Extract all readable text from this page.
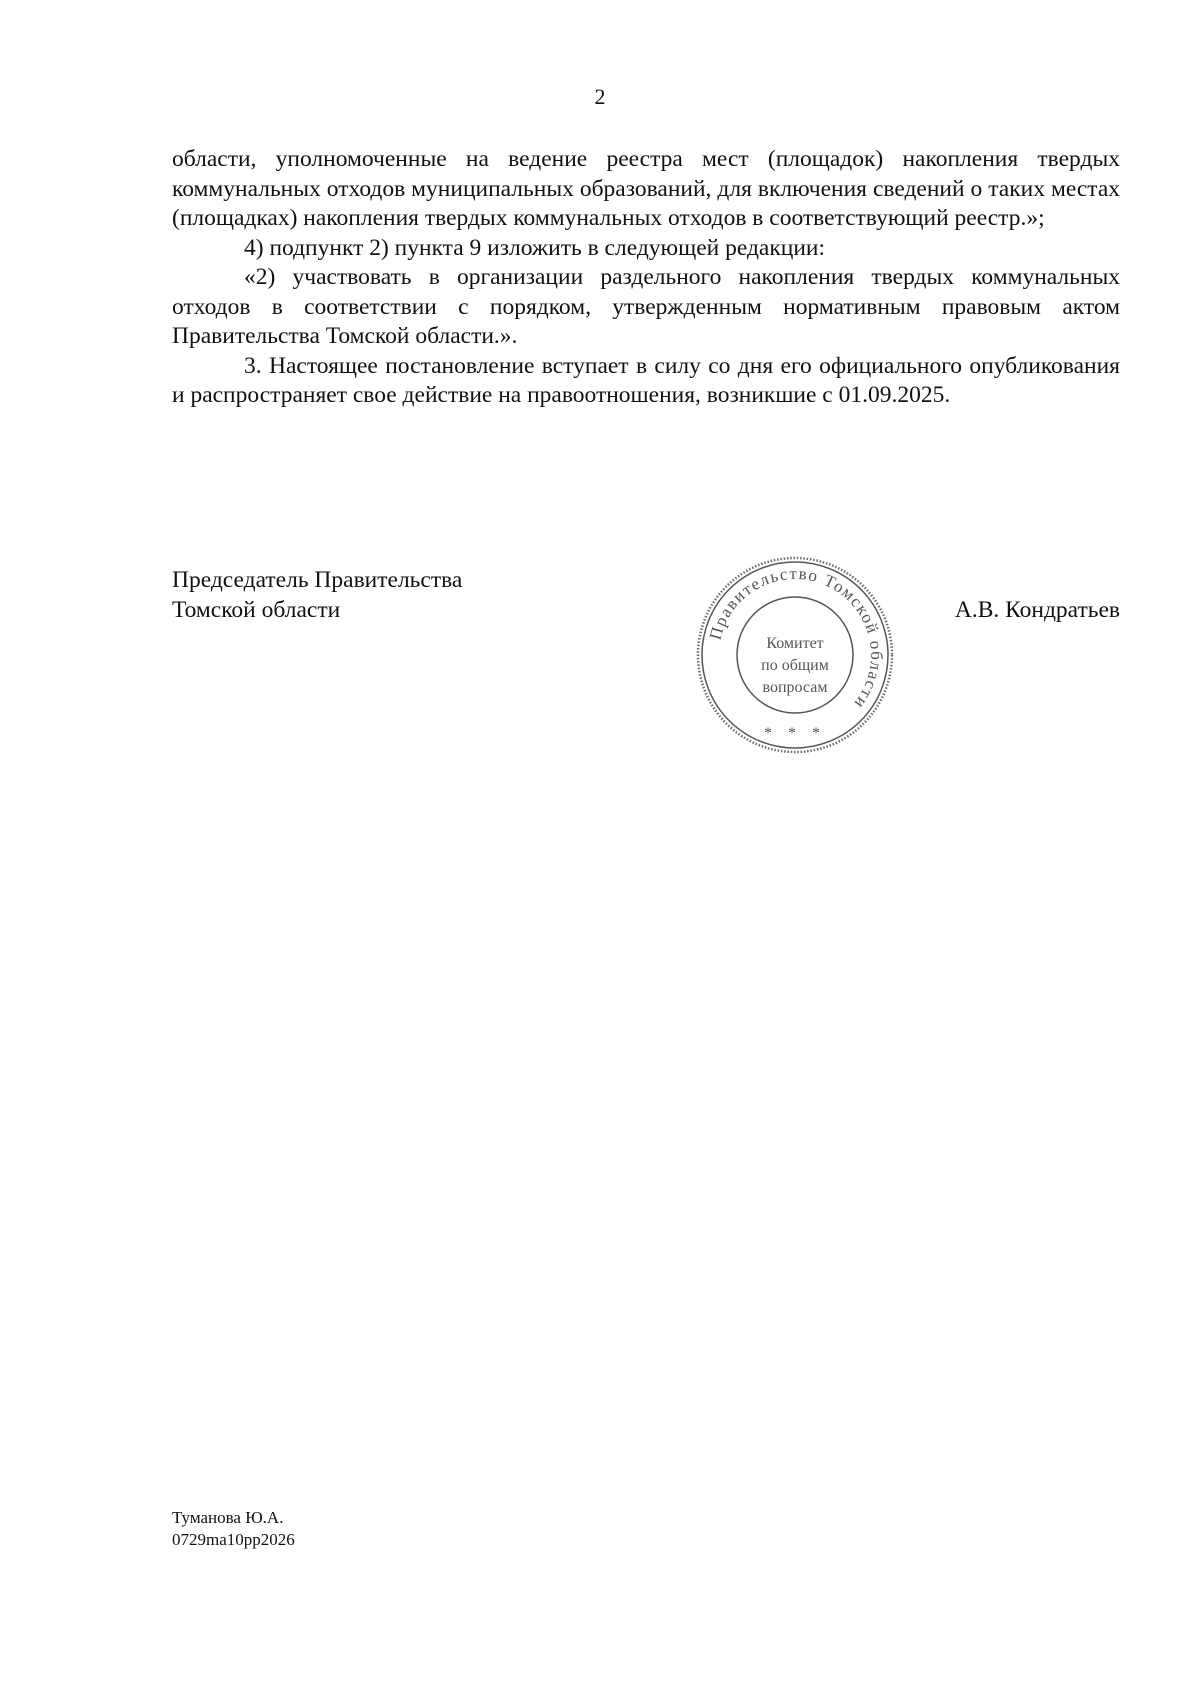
2

области, уполномоченные на ведение реестра мест (площадок) накопления твердых коммунальных отходов муниципальных образований, для включения сведений о таких местах (площадках) накопления твердых коммунальных отходов в соответствующий реестр.»;

4) подпункт 2) пункта 9 изложить в следующей редакции:

«2) участвовать в организации раздельного накопления твердых коммунальных отходов в соответствии с порядком, утвержденным нормативным правовым актом Правительства Томской области.».

3. Настоящее постановление вступает в силу со дня его официального опубликования и распространяет свое действие на правоотношения, возникшие с 01.09.2025.

Председатель Правительства
Томской области	А.В. Кондратьев
Правительство Томской области
Комитет
по общим
вопросам
* * *
Туманова Ю.А.
0729ma10pp2026
